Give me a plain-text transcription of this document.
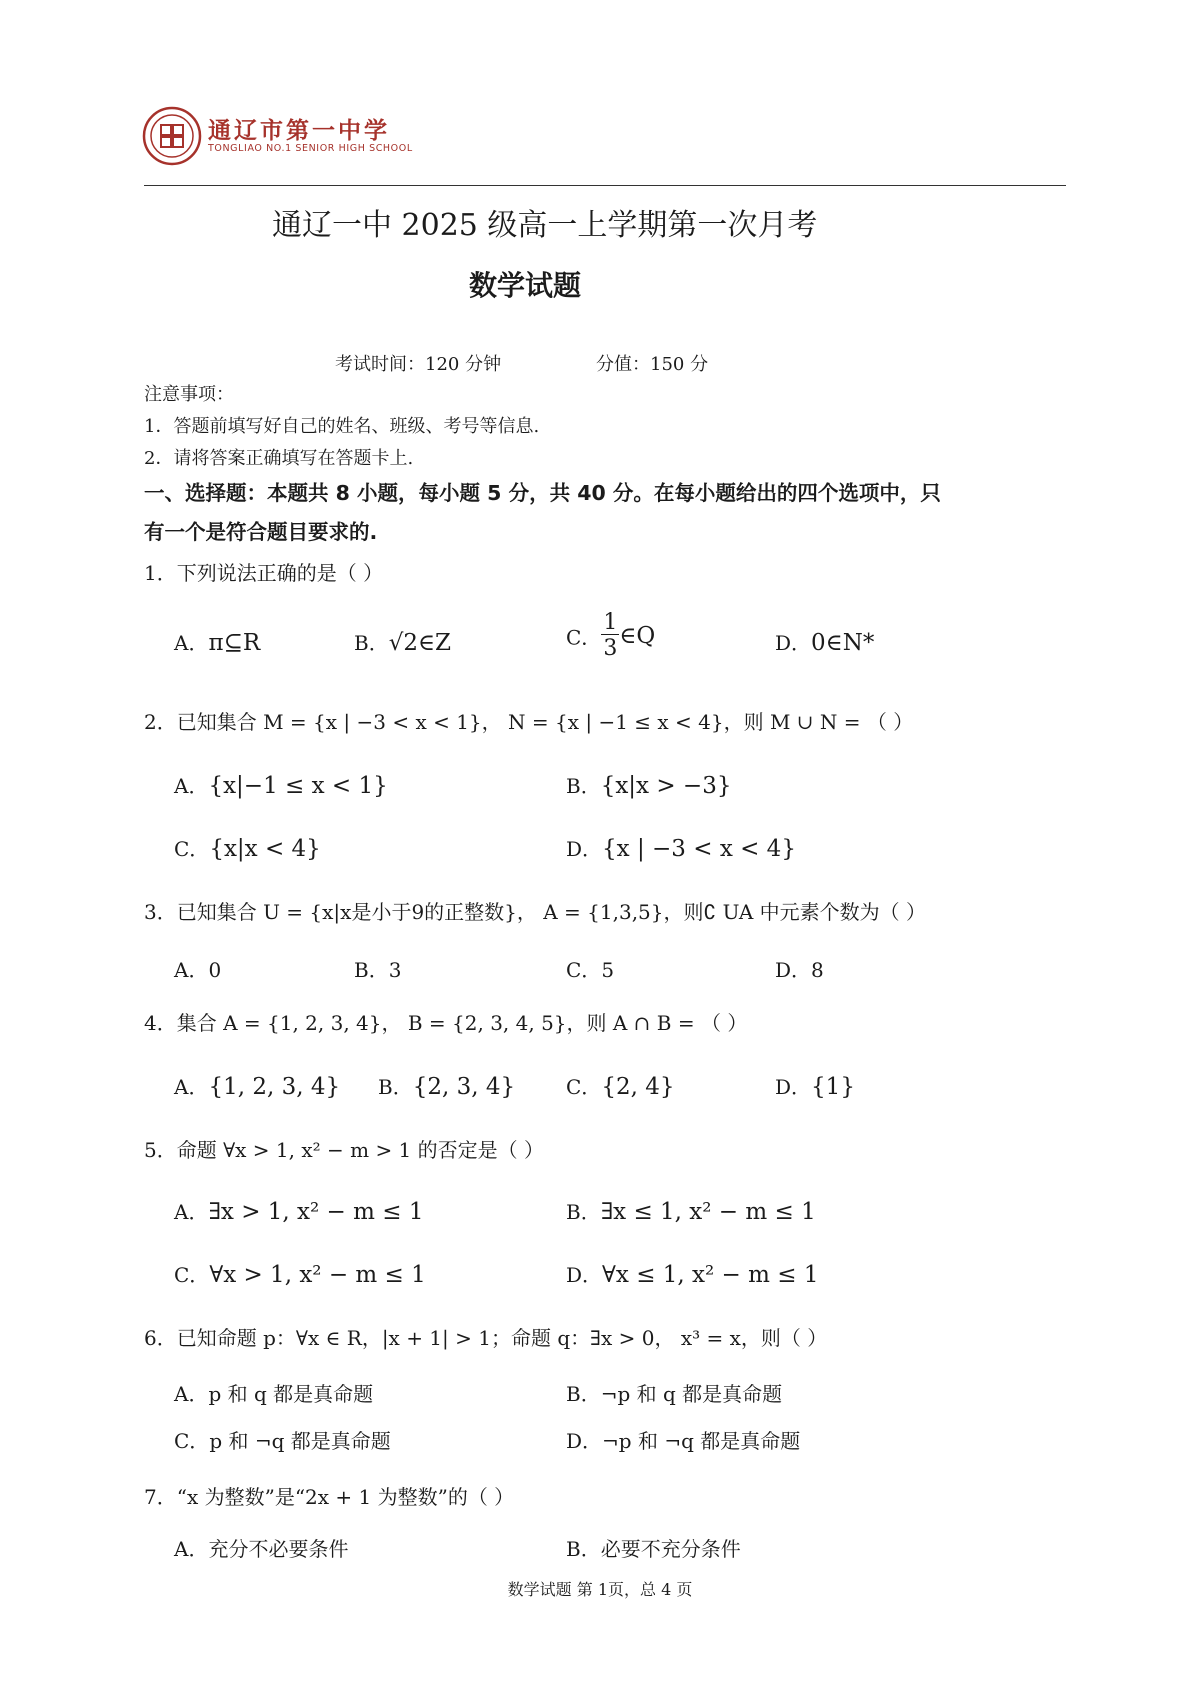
通辽市第一中学
TONGLIAO NO.1 SENIOR HIGH SCHOOL
通辽一中 2025 级高一上学期第一次月考
数学试题
考试时间：120 分钟	分值：150 分
注意事项：
1．答题前填写好自己的姓名、班级、考号等信息.
2．请将答案正确填写在答题卡上.
一、选择题：本题共 8 小题，每小题 5 分，共 40 分。在每小题给出的四个选项中，只
有一个是符合题目要求的.
1．下列说法正确的是（ ）
A．π⊆R	B．√2∈Z	C． $\frac{1}{3}$ ∈Q	D．0∈N*
2．已知集合 M = {x | −3 < x < 1}， N = {x | −1 ≤ x < 4}，则 M ∪ N = （ ）
A．{x|−1 ≤ x < 1}	B．{x|x > −3}
C．{x|x < 4}	D．{x | −3 < x < 4}
3．已知集合 U = {x|x是小于9的正整数}， A = {1,3,5}，则∁ UA 中元素个数为（ ）
A．0	B．3	C．5	D．8
4．集合 A = {1, 2, 3, 4}， B = {2, 3, 4, 5}，则 A ∩ B = （ ）
A．{1, 2, 3, 4} B．{2, 3, 4}	C．{2, 4}	D．{1}
5．命题 ∀x > 1, x² − m > 1 的否定是（ ）
A．∃x > 1, x² − m ≤ 1	B．∃x ≤ 1, x² − m ≤ 1
C．∀x > 1, x² − m ≤ 1	D．∀x ≤ 1, x² − m ≤ 1
6．已知命题 p：∀x ∈ R，|x + 1| > 1；命题 q：∃x > 0， x³ = x，则（ ）
A．p 和 q 都是真命题	B．¬p 和 q 都是真命题
C．p 和 ¬q 都是真命题	D．¬p 和 ¬q 都是真命题
7．“x 为整数”是“2x + 1 为整数”的（ ）
A．充分不必要条件	B．必要不充分条件
数学试题 第 1页，总 4 页
